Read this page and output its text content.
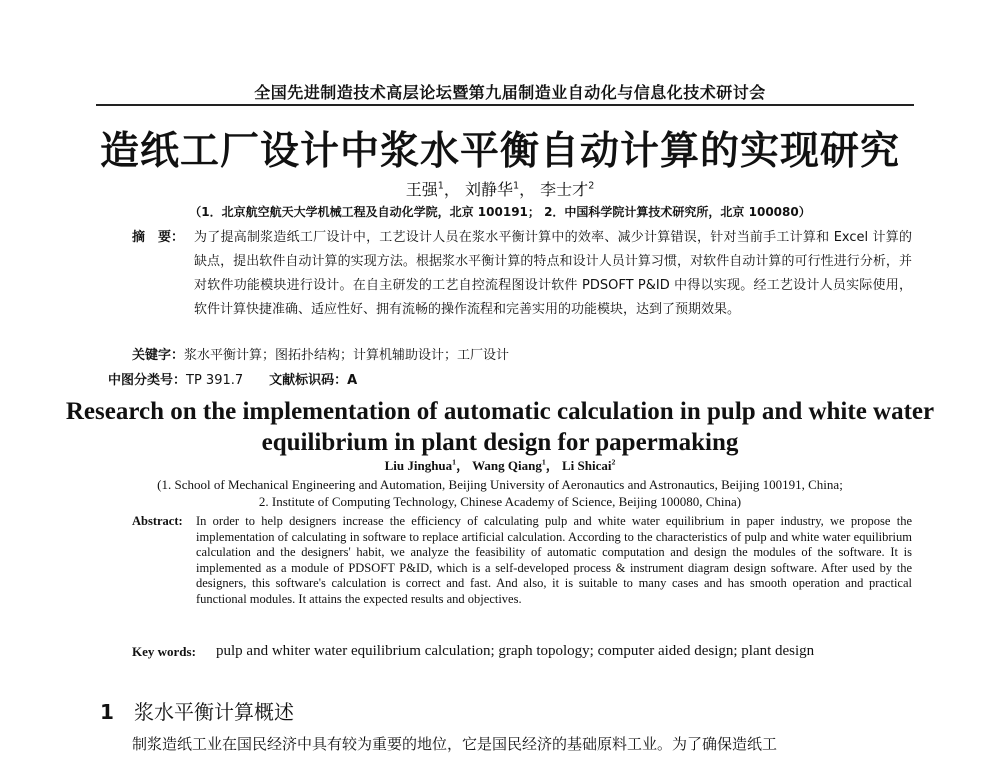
全国先进制造技术高层论坛暨第九届制造业自动化与信息化技术研讨会
造纸工厂设计中浆水平衡自动计算的实现研究
王强$^1$， 刘静华$^1$， 李士才$^2$
（1．北京航空航天大学机械工程及自动化学院，北京 100191； 2．中国科学院计算技术研究所，北京 100080）
摘　要： 为了提高制浆造纸工厂设计中，工艺设计人员在浆水平衡计算中的效率、减少计算错误，针对当前手工计算和 Excel 计算的缺点，提出软件自动计算的实现方法。根据浆水平衡计算的特点和设计人员计算习惯，对软件自动计算的可行性进行分析，并对软件功能模块进行设计。在自主研发的工艺自控流程图设计软件 PDSOFT P&ID 中得以实现。经工艺设计人员实际使用，软件计算快捷准确、适应性好、拥有流畅的操作流程和完善实用的功能模块，达到了预期效果。
关键字：浆水平衡计算；图拓扑结构；计算机辅助设计；工厂设计
中图分类号：TP 391.7 文献标识码：A
Research on the implementation of automatic calculation in pulp and white water equilibrium in plant design for papermaking
Liu Jinghua$^1$， Wang Qiang$^1$， Li Shicai$^2$
(1. School of Mechanical Engineering and Automation, Beijing University of Aeronautics and Astronautics, Beijing 100191, China;
2. Institute of Computing Technology, Chinese Academy of Science, Beijing 100080, China)
Abstract:	In order to help designers increase the efficiency of calculating pulp and white water equilibrium in paper industry, we propose the implementation of calculating in software to replace artificial calculation. According to the characteristics of pulp and white water equilibrium calculation and the designers' habit, we analyze the feasibility of automatic computation and design the modules of the software. It is implemented as a module of PDSOFT P&ID, which is a self-developed process & instrument diagram design software. After used by the designers, this software's calculation is correct and fast. And also, it is suitable to many cases and has smooth operation and practical functional modules. It attains the expected results and objectives.
Key words:	pulp and whiter water equilibrium calculation; graph topology; computer aided design; plant design
1 浆水平衡计算概述
制浆造纸工业在国民经济中具有较为重要的地位，它是国民经济的基础原料工业。为了确保造纸工
